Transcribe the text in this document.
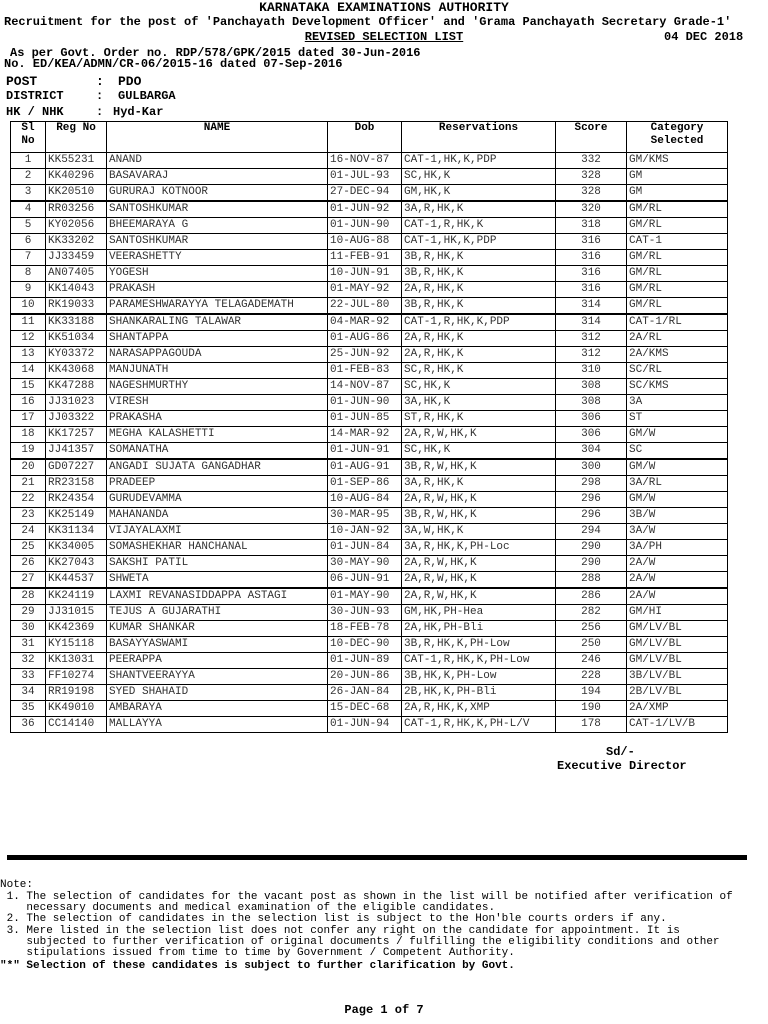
KARNATAKA EXAMINATIONS AUTHORITY
Recruitment for the post of 'Panchayath Development Officer' and 'Grama Panchayath Secretary Grade-1'
REVISED SELECTION LIST	04 DEC 2018
As per Govt. Order no. RDP/578/GPK/2015 dated 30-Jun-2016
No. ED/KEA/ADMN/CR-06/2015-16 dated 07-Sep-2016
POST	: PDO
DISTRICT	: GULBARGA
HK / NHK	: Hyd-Kar
Sl
No	Reg No	NAME	Dob	Reservations	Score	Category
Selected
1	KK55231	ANAND	16-NOV-87	CAT-1,HK,K,PDP	332	GM/KMS
2	KK40296	BASAVARAJ	01-JUL-93	SC,HK,K	328	GM
3	KK20510	GURURAJ KOTNOOR	27-DEC-94	GM,HK,K	328	GM
4	RR03256	SANTOSHKUMAR	01-JUN-92	3A,R,HK,K	320	GM/RL
5	KY02056	BHEEMARAYA G	01-JUN-90	CAT-1,R,HK,K	318	GM/RL
6	KK33202	SANTOSHKUMAR	10-AUG-88	CAT-1,HK,K,PDP	316	CAT-1
7	JJ33459	VEERASHETTY	11-FEB-91	3B,R,HK,K	316	GM/RL
8	AN07405	YOGESH	10-JUN-91	3B,R,HK,K	316	GM/RL
9	KK14043	PRAKASH	01-MAY-92	2A,R,HK,K	316	GM/RL
10	RK19033	PARAMESHWARAYYA TELAGADEMATH	22-JUL-80	3B,R,HK,K	314	GM/RL
11	KK33188	SHANKARALING TALAWAR	04-MAR-92	CAT-1,R,HK,K,PDP	314	CAT-1/RL
12	KK51034	SHANTAPPA	01-AUG-86	2A,R,HK,K	312	2A/RL
13	KY03372	NARASAPPAGOUDA	25-JUN-92	2A,R,HK,K	312	2A/KMS
14	KK43068	MANJUNATH	01-FEB-83	SC,R,HK,K	310	SC/RL
15	KK47288	NAGESHMURTHY	14-NOV-87	SC,HK,K	308	SC/KMS
16	JJ31023	VIRESH	01-JUN-90	3A,HK,K	308	3A
17	JJ03322	PRAKASHA	01-JUN-85	ST,R,HK,K	306	ST
18	KK17257	MEGHA KALASHETTI	14-MAR-92	2A,R,W,HK,K	306	GM/W
19	JJ41357	SOMANATHA	01-JUN-91	SC,HK,K	304	SC
20	GD07227	ANGADI SUJATA GANGADHAR	01-AUG-91	3B,R,W,HK,K	300	GM/W
21	RR23158	PRADEEP	01-SEP-86	3A,R,HK,K	298	3A/RL
22	RK24354	GURUDEVAMMA	10-AUG-84	2A,R,W,HK,K	296	GM/W
23	KK25149	MAHANANDA	30-MAR-95	3B,R,W,HK,K	296	3B/W
24	KK31134	VIJAYALAXMI	10-JAN-92	3A,W,HK,K	294	3A/W
25	KK34005	SOMASHEKHAR HANCHANAL	01-JUN-84	3A,R,HK,K,PH-Loc	290	3A/PH
26	KK27043	SAKSHI PATIL	30-MAY-90	2A,R,W,HK,K	290	2A/W
27	KK44537	SHWETA	06-JUN-91	2A,R,W,HK,K	288	2A/W
28	KK24119	LAXMI REVANASIDDAPPA ASTAGI	01-MAY-90	2A,R,W,HK,K	286	2A/W
29	JJ31015	TEJUS A GUJARATHI	30-JUN-93	GM,HK,PH-Hea	282	GM/HI
30	KK42369	KUMAR SHANKAR	18-FEB-78	2A,HK,PH-Bli	256	GM/LV/BL
31	KY15118	BASAYYASWAMI	10-DEC-90	3B,R,HK,K,PH-Low	250	GM/LV/BL
32	KK13031	PEERAPPA	01-JUN-89	CAT-1,R,HK,K,PH-Low	246	GM/LV/BL
33	FF10274	SHANTVEERAYYA	20-JUN-86	3B,HK,K,PH-Low	228	3B/LV/BL
34	RR19198	SYED SHAHAID	26-JAN-84	2B,HK,K,PH-Bli	194	2B/LV/BL
35	KK49010	AMBARAYA	15-DEC-68	2A,R,HK,K,XMP	190	2A/XMP
36	CC14140	MALLAYYA	01-JUN-94	CAT-1,R,HK,K,PH-L/V	178	CAT-1/LV/B
Sd/-
Executive Director
Note:
1. The selection of candidates for the vacant post as shown in the list will be notified after verification of
necessary documents and medical examination of the eligible candidates.
2. The selection of candidates in the selection list is subject to the Hon'ble courts orders if any.
3. Mere listed in the selection list does not confer any right on the candidate for appointment. It is
subjected to further verification of original documents / fulfilling the eligibility conditions and other
stipulations issued from time to time by Government / Competent Authority.
"*" Selection of these candidates is subject to further clarification by Govt.
Page 1 of 7
